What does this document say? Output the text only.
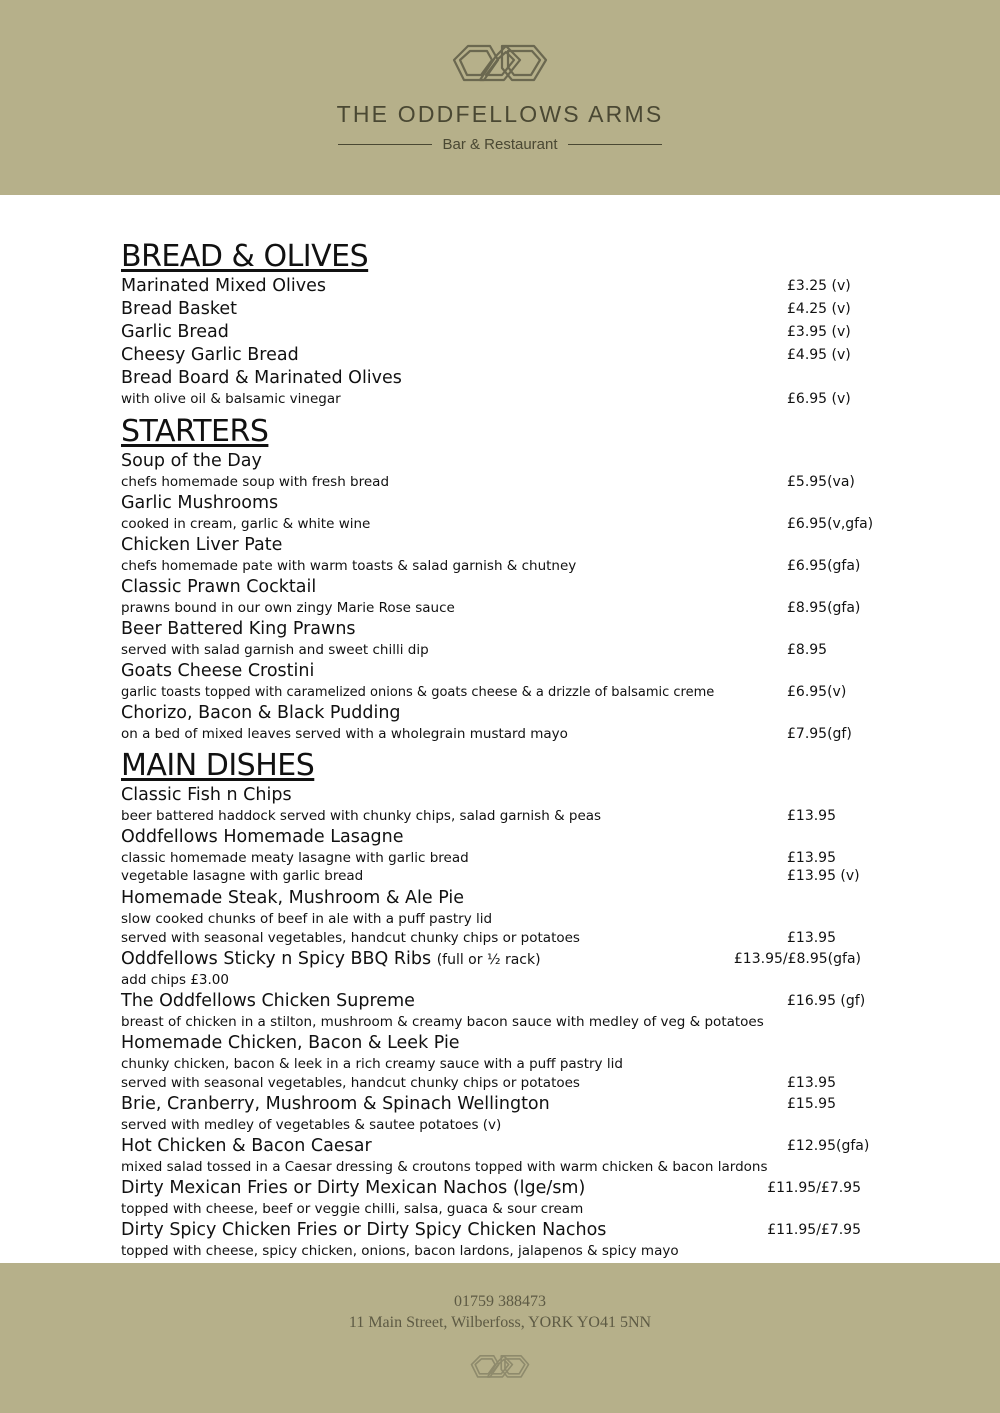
THE ODDFELLOWS ARMS
Bar & Restaurant
BREAD & OLIVES
Marinated Mixed Olives	£3.25 (v)
Bread Basket	£4.25 (v)
Garlic Bread	£3.95 (v)
Cheesy Garlic Bread	£4.95 (v)
Bread Board & Marinated Olives
with olive oil & balsamic vinegar	£6.95 (v)
STARTERS
Soup of the Day
chefs homemade soup with fresh bread	£5.95(va)
Garlic Mushrooms
cooked in cream, garlic & white wine	£6.95(v,gfa)
Chicken Liver Pate
chefs homemade pate with warm toasts & salad garnish & chutney	£6.95(gfa)
Classic Prawn Cocktail
prawns bound in our own zingy Marie Rose sauce	£8.95(gfa)
Beer Battered King Prawns
served with salad garnish and sweet chilli dip	£8.95
Goats Cheese Crostini
garlic toasts topped with caramelized onions & goats cheese & a drizzle of balsamic creme	£6.95(v)
Chorizo, Bacon & Black Pudding
on a bed of mixed leaves served with a wholegrain mustard mayo	£7.95(gf)
MAIN DISHES
Classic Fish n Chips
beer battered haddock served with chunky chips, salad garnish & peas	£13.95
Oddfellows Homemade Lasagne
classic homemade meaty lasagne with garlic bread	£13.95
vegetable lasagne with garlic bread	£13.95 (v)
Homemade Steak, Mushroom & Ale Pie
slow cooked chunks of beef in ale with a puff pastry lid
served with seasonal vegetables, handcut chunky chips or potatoes	£13.95
Oddfellows Sticky n Spicy BBQ Ribs (full or ½ rack)	£13.95/£8.95(gfa)
add chips £3.00
The Oddfellows Chicken Supreme	£16.95 (gf)
breast of chicken in a stilton, mushroom & creamy bacon sauce with medley of veg & potatoes
Homemade Chicken, Bacon & Leek Pie
chunky chicken, bacon & leek in a rich creamy sauce with a puff pastry lid
served with seasonal vegetables, handcut chunky chips or potatoes	£13.95
Brie, Cranberry, Mushroom & Spinach Wellington	£15.95
served with medley of vegetables & sautee potatoes (v)
Hot Chicken & Bacon Caesar	£12.95(gfa)
mixed salad tossed in a Caesar dressing & croutons topped with warm chicken & bacon lardons
Dirty Mexican Fries or Dirty Mexican Nachos (lge/sm)	£11.95/£7.95
topped with cheese, beef or veggie chilli, salsa, guaca & sour cream
Dirty Spicy Chicken Fries or Dirty Spicy Chicken Nachos	£11.95/£7.95
topped with cheese, spicy chicken, onions, bacon lardons, jalapenos & spicy mayo
01759 388473
11 Main Street, Wilberfoss, YORK YO41 5NN
